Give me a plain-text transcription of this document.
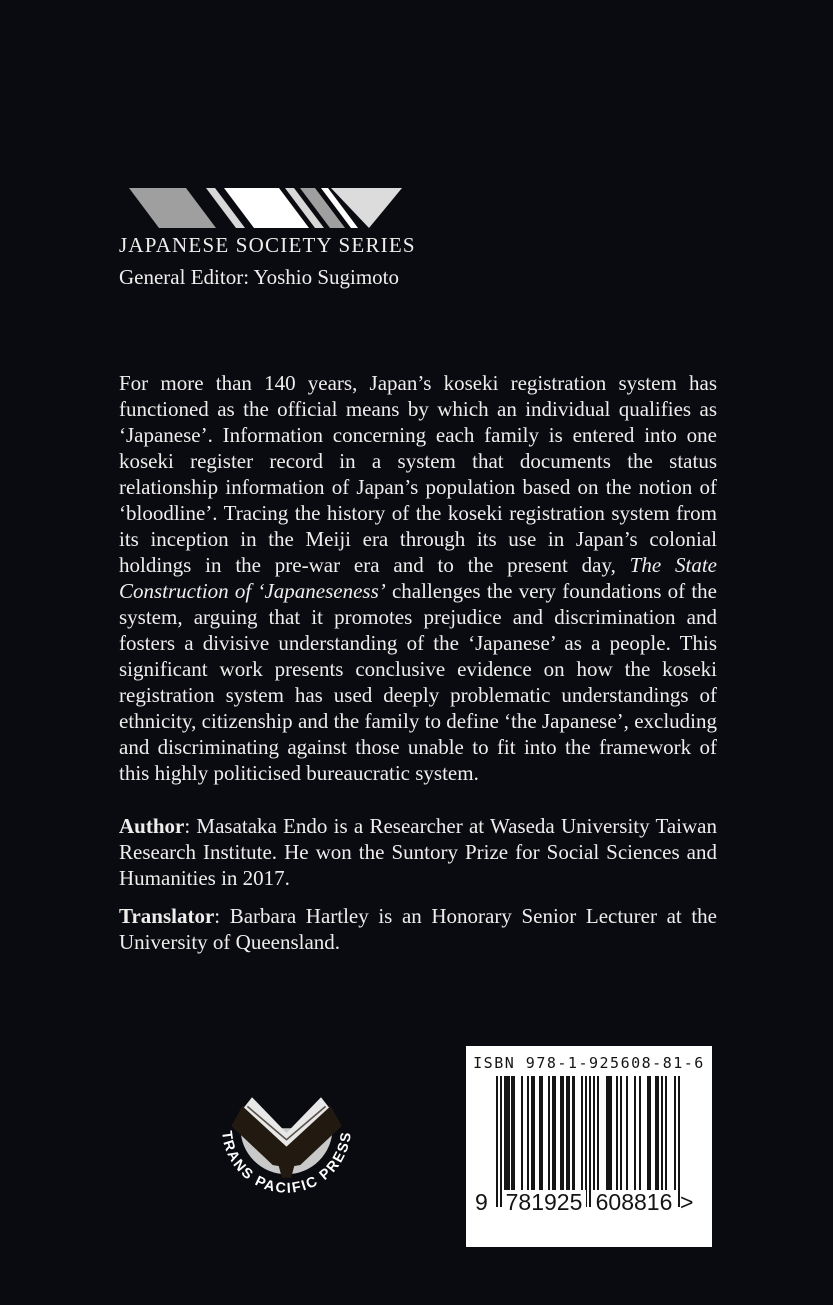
JAPANESE SOCIETY SERIES
General Editor: Yoshio Sugimoto

For more than 140 years, Japan’s koseki registration system has functioned as the official means by which an individual qualifies as ‘Japanese’. Information concerning each family is entered into one koseki register record in a system that documents the status relationship information of Japan’s population based on the notion of ‘bloodline’. Tracing the history of the koseki registration system from its inception in the Meiji era through its use in Japan’s colonial holdings in the pre-war era and to the present day, The State Construction of ‘Japaneseness’ challenges the very foundations of the system, arguing that it promotes prejudice and discrimination and fosters a divisive understanding of the ‘Japanese’ as a people. This significant work presents conclusive evidence on how the koseki registration system has used deeply problematic understandings of ethnicity, citizenship and the family to define ‘the Japanese’, excluding and discriminating against those unable to fit into the framework of this highly politicised bureaucratic system.

Author: Masataka Endo is a Researcher at Waseda University Taiwan Research Institute. He won the Suntory Prize for Social Sciences and Humanities in 2017.

Translator: Barbara Hartley is an Honorary Senior Lecturer at the University of Queensland.

TRANS PACIFIC PRESS
ISBN 978-1-925608-81-6
9 781925 608816 >
